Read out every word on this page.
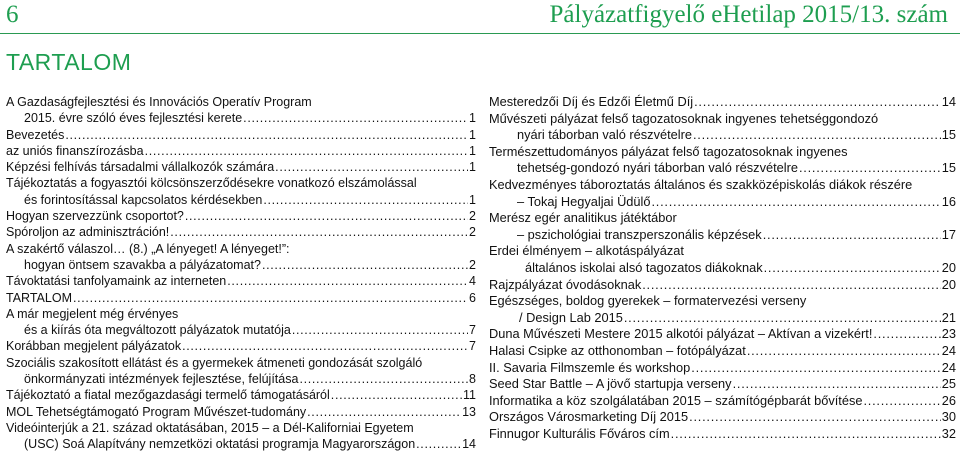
6	Pályázatfigyelő eHetilap 2015/13. szám
TARTALOM
A Gazdaságfejlesztési és Innovációs Operatív Program
2015. évre szóló éves fejlesztési kerete . . .	1
Bevezetés . . .	1
az uniós finanszírozásba . . .	1
Képzési felhívás társadalmi vállalkozók számára . . .	1
Tájékoztatás a fogyasztói kölcsönszerződésekre vonatkozó elszámolással
és forintosítással kapcsolatos kérdésekben . . .	1
Hogyan szervezzünk csoportot? . . .	2
Spóroljon az adminisztráción! . . .	2
A szakértő válaszol… (8.) „A lényeget! A lényeget!”:
hogyan öntsem szavakba a pályázatomat? . . .	2
Távoktatási tanfolyamaink az interneten . . .	4
TARTALOM . . .	6
A már megjelent még érvényes
és a kiírás óta megváltozott pályázatok mutatója . . .	7
Korábban megjelent pályázatok . . .	7
Szociális szakosított ellátást és a gyermekek átmeneti gondozását szolgáló
önkormányzati intézmények fejlesztése, felújítása . . .	8
Tájékoztató a fiatal mezőgazdasági termelő támogatásáról . . .	11
MOL Tehetségtámogató Program Művészet-tudomány . . .	13
Videóinterjúk a 21. század oktatásában, 2015 – a Dél-Kaliforniai Egyetem
(USC) Soá Alapítvány nemzetközi oktatási programja Magyarországon . . .	14
Mesteredzői Díj és Edzői Életmű Díj . . .	14
Művészeti pályázat felső tagozatosoknak ingyenes tehetséggondozó
nyári táborban való részvételre . . .	15
Természettudományos pályázat felső tagozatosoknak ingyenes
tehetség-gondozó nyári táborban való részvételre . . .	15
Kedvezményes táboroztatás általános és szakközépiskolás diákok részére
– Tokaj Hegyaljai Üdülő . . .	16
Merész egér analitikus játéktábor
– pszichológiai transzperszonális képzések . . .	17
Erdei élményem – alkotáspályázat
általános iskolai alsó tagozatos diákoknak . . .	20
Rajzpályázat óvodásoknak . . .	20
Egészséges, boldog gyerekek – formatervezési verseny
/ Design Lab 2015 . . .	21
Duna Művészeti Mestere 2015 alkotói pályázat – Aktívan a vizekért! . . .	23
Halasi Csipke az otthonomban – fotópályázat . . .	24
II. Savaria Filmszemle és workshop . . .	24
Seed Star Battle – A jövő startupja verseny . . .	25
Informatika a köz szolgálatában 2015 – számítógépbarát bővítése . . .	26
Országos Városmarketing Díj 2015 . . .	30
Finnugor Kulturális Főváros cím . . .	32
